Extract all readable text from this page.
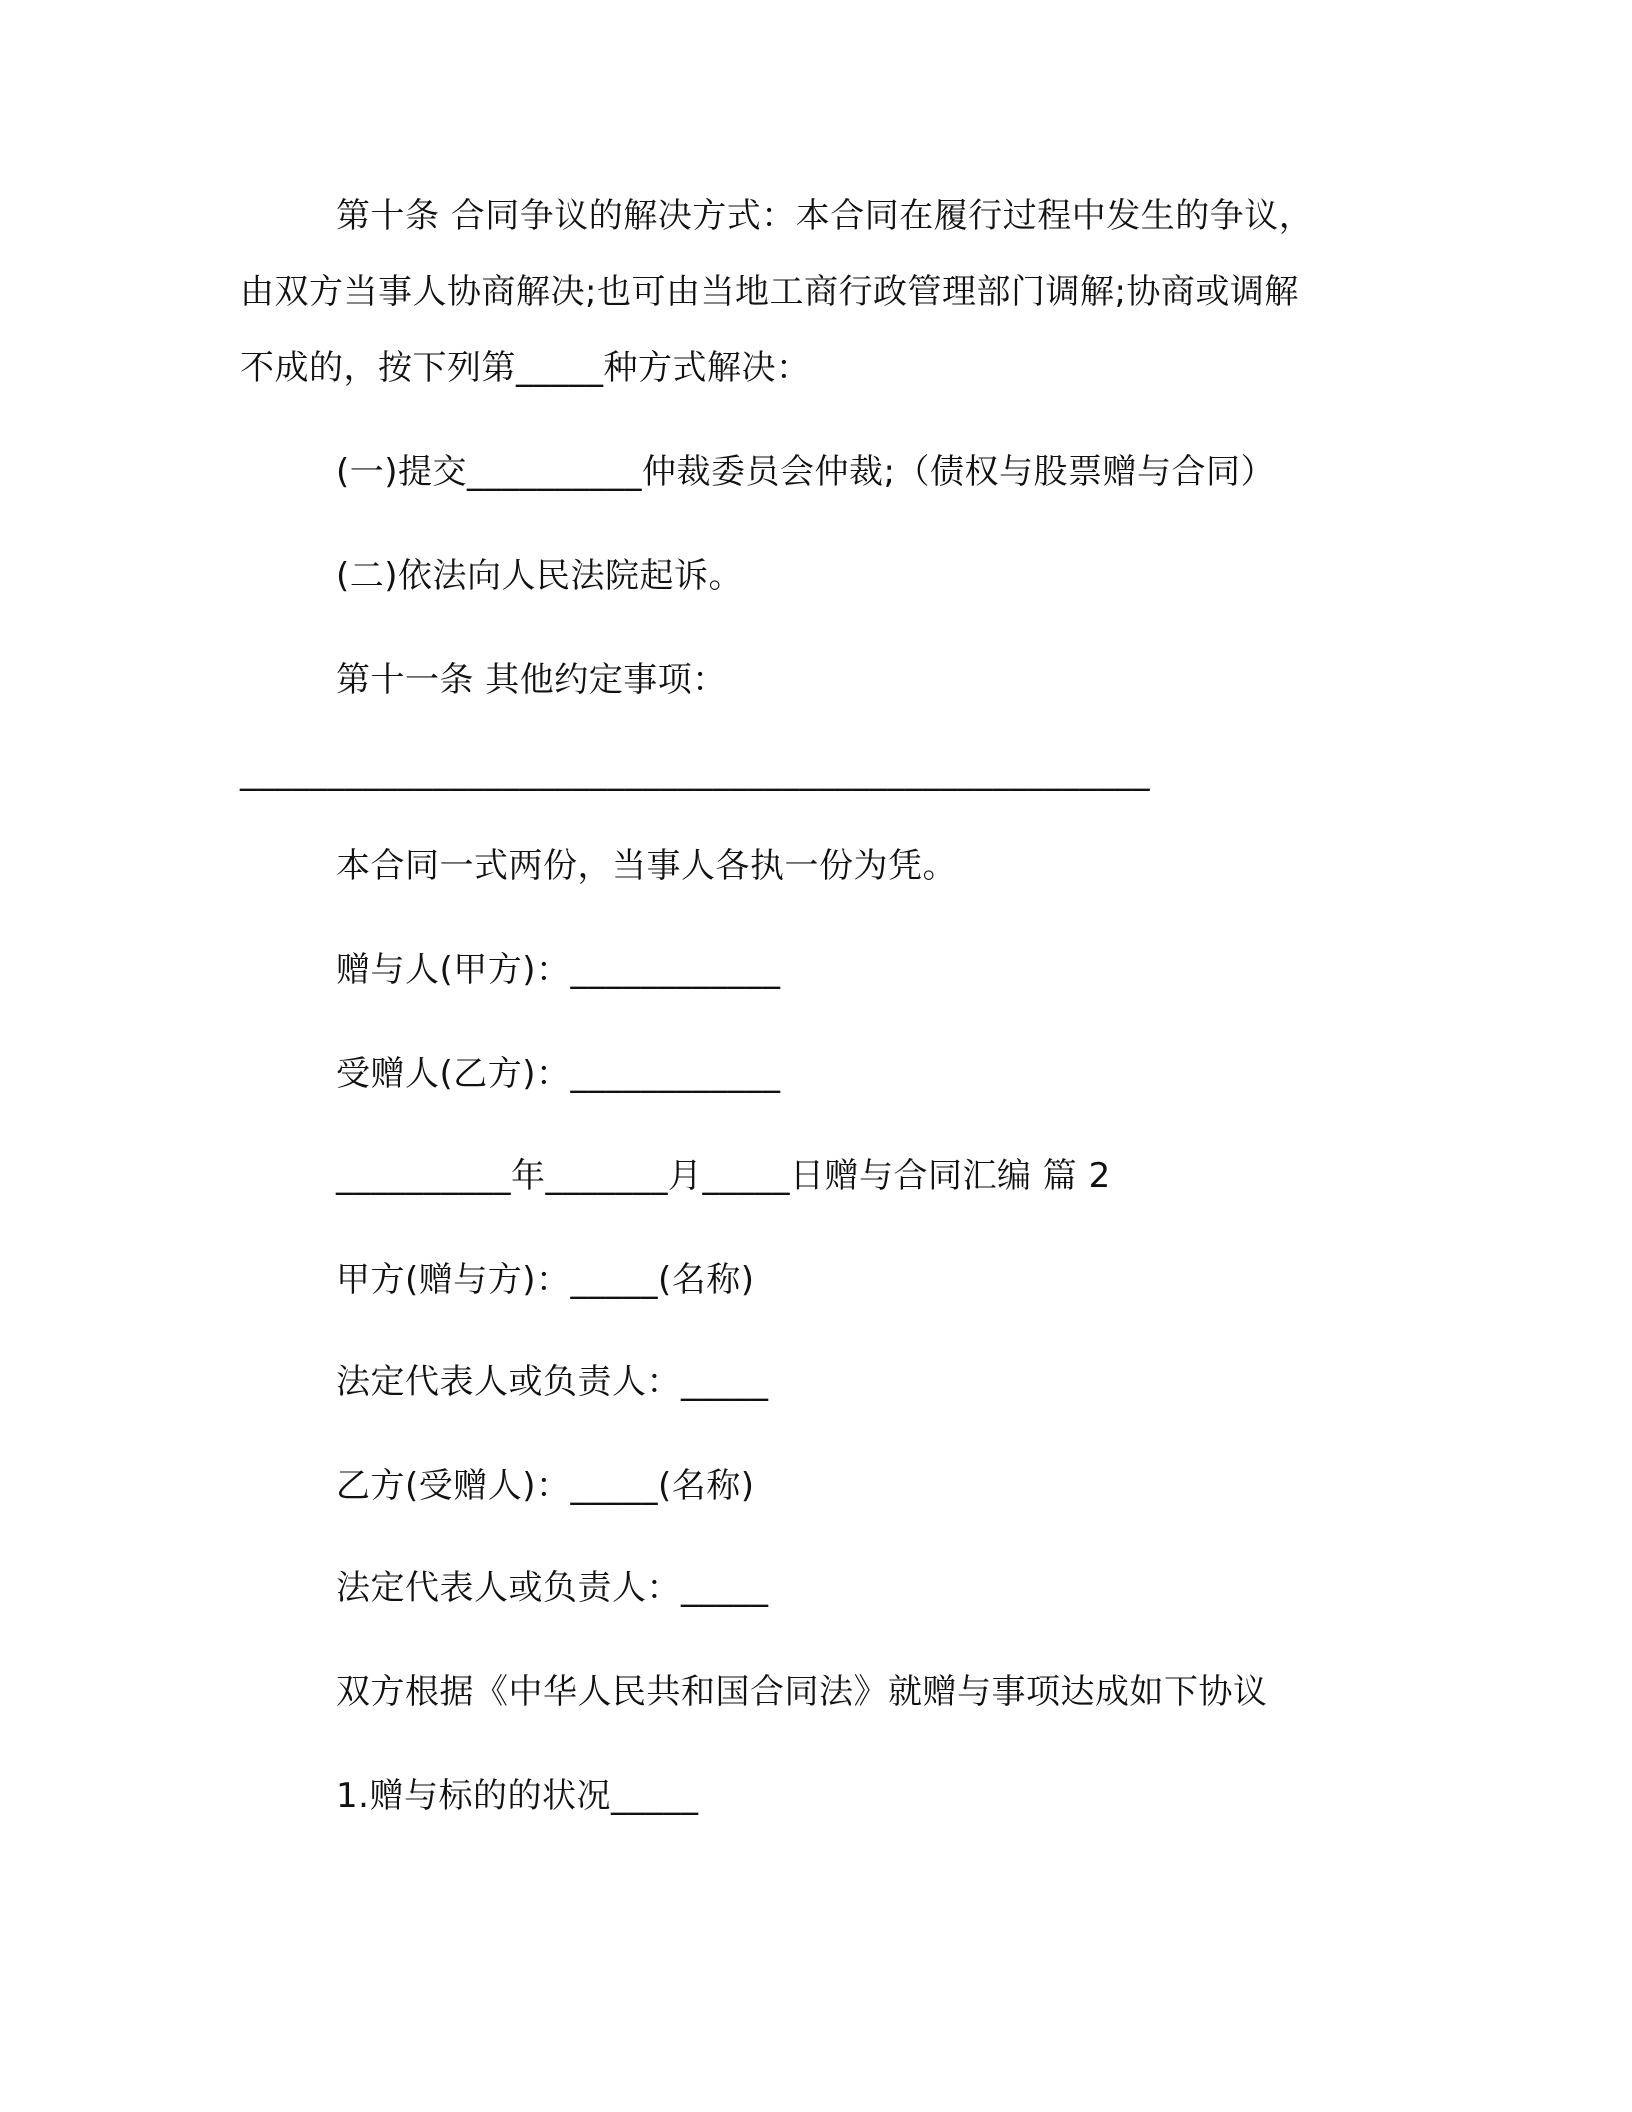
第十条 合同争议的解决方式：本合同在履行过程中发生的争议，
由双方当事人协商解决;也可由当地工商行政管理部门调解;协商或调解
不成的，按下列第_____种方式解决：
(一)提交__________仲裁委员会仲裁;（债权与股票赠与合同）
(二)依法向人民法院起诉。
第十一条 其他约定事项：
____________________________________________________
本合同一式两份，当事人各执一份为凭。
赠与人(甲方)：____________
受赠人(乙方)：____________
__________年_______月_____日赠与合同汇编 篇 2
甲方(赠与方)：_____(名称)
法定代表人或负责人：_____
乙方(受赠人)：_____(名称)
法定代表人或负责人：_____
双方根据《中华人民共和国合同法》就赠与事项达成如下协议
1.赠与标的的状况_____
